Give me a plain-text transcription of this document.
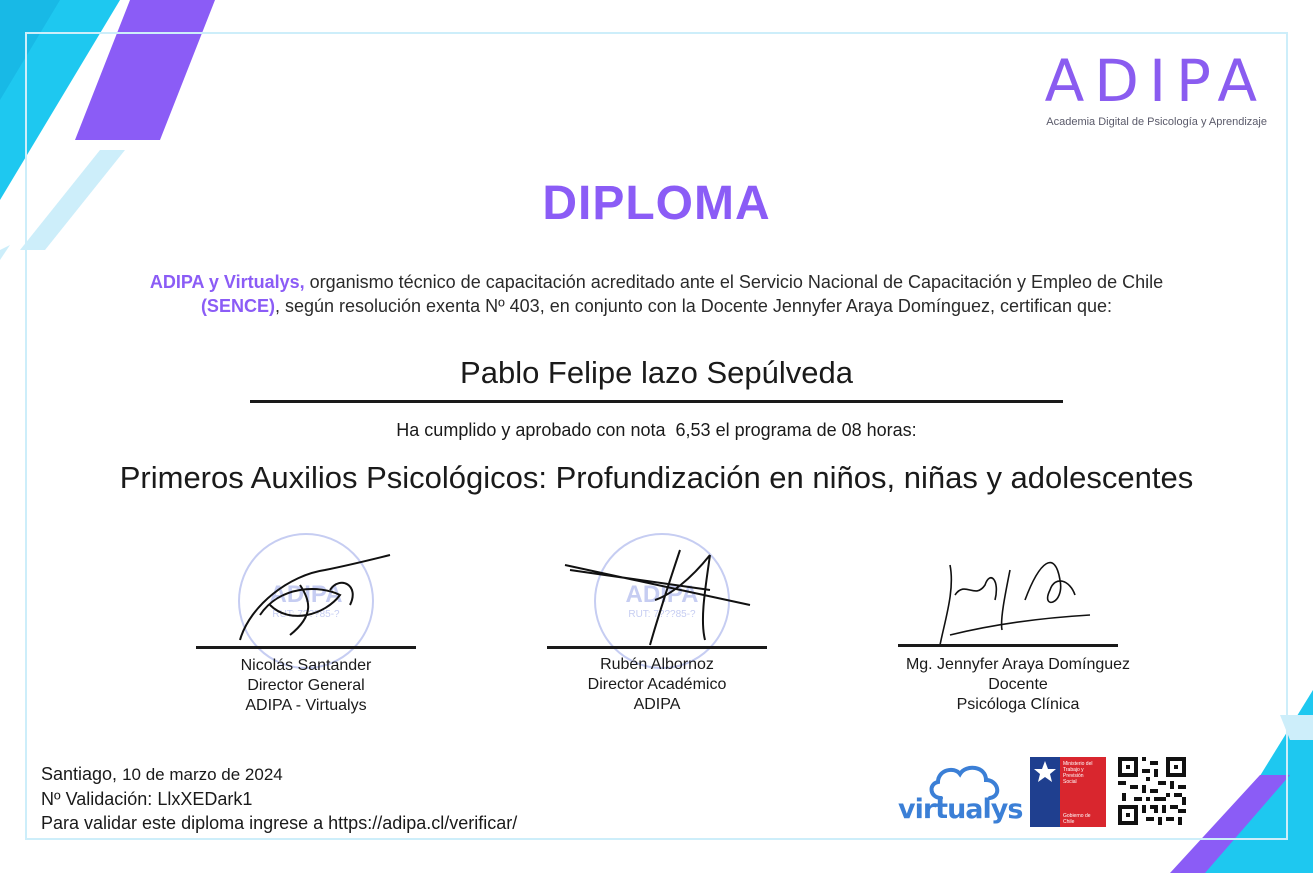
ADIPA
Academia Digital de Psicología y Aprendizaje
DIPLOMA
ADIPA y Virtualys, organismo técnico de capacitación acreditado ante el Servicio Nacional de Capacitación y Empleo de Chile (SENCE), según resolución exenta Nº 403, en conjunto con la Docente Jennyfer Araya Domínguez, certifican que:
Pablo Felipe lazo Sepúlveda
Ha cumplido y aprobado con nota 6,53 el programa de 08 horas:
Primeros Auxilios Psicológicos: Profundización en niños, niñas y adolescentes
ADIPA
RUT: 7???85-?
ADIPA
RUT: 7???85-?
Nicolás Santander
Director General
ADIPA - Virtualys
Rubén Albornoz
Director Académico
ADIPA
Mg. Jennyfer Araya Domínguez
Docente
Psicóloga Clínica
Santiago, 10 de marzo de 2024
Nº Validación: LlxXEDark1
Para validar este diploma ingrese a https://adipa.cl/verificar/	virtualys
Ministerio del
Trabajo y
Previsión
Social
Gobierno de Chile
